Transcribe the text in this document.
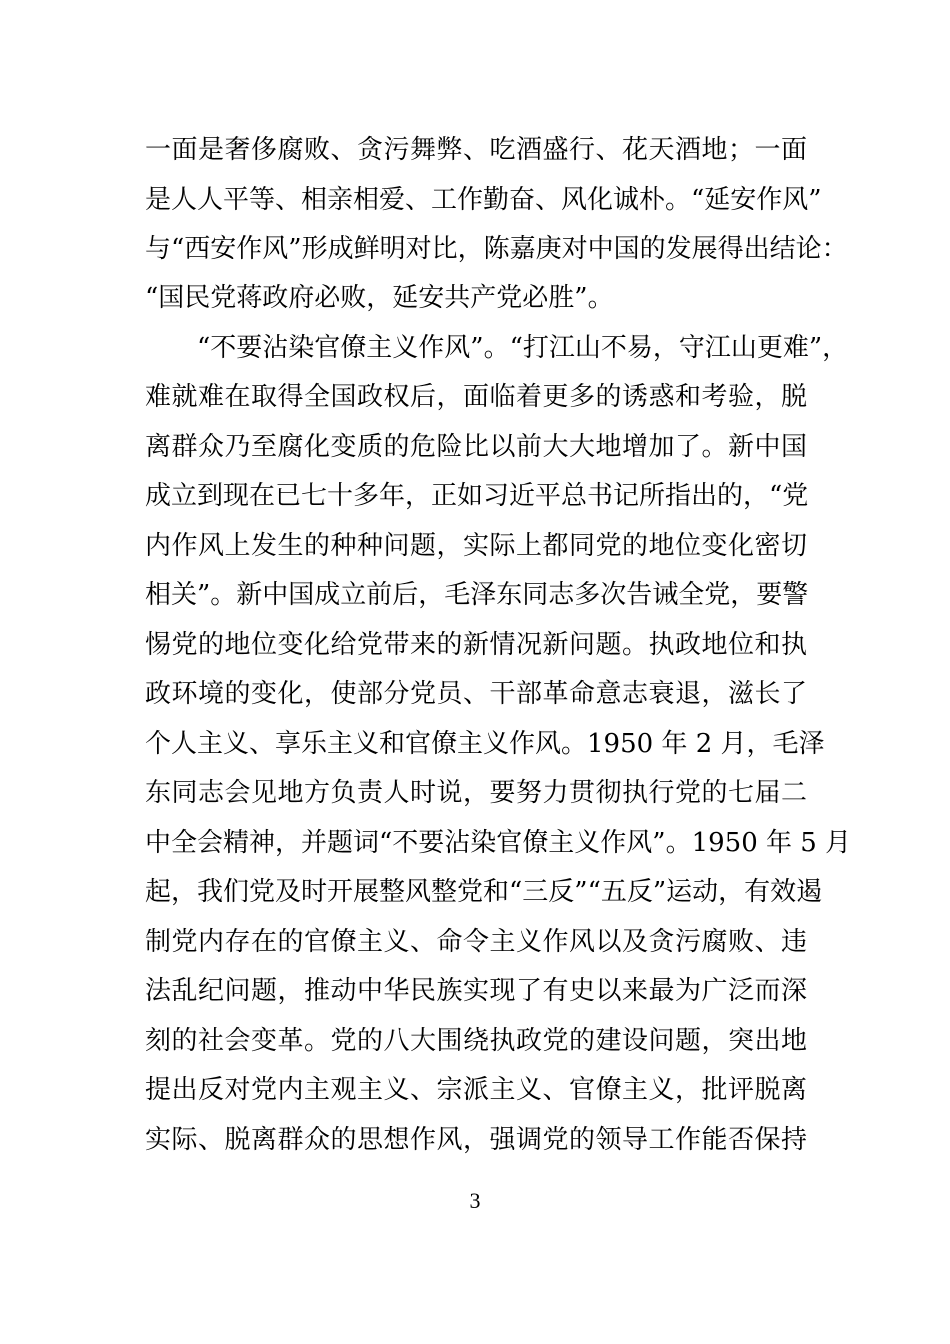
一面是奢侈腐败、贪污舞弊、吃酒盛行、花天酒地；一面
是人人平等、相亲相爱、工作勤奋、风化诚朴。“延安作风”
与“西安作风”形成鲜明对比，陈嘉庚对中国的发展得出结论：
“国民党蒋政府必败，延安共产党必胜”。
“不要沾染官僚主义作风”。“打江山不易，守江山更难”，
难就难在取得全国政权后，面临着更多的诱惑和考验，脱
离群众乃至腐化变质的危险比以前大大地增加了。新中国
成立到现在已七十多年，正如习近平总书记所指出的，“党
内作风上发生的种种问题，实际上都同党的地位变化密切
相关”。新中国成立前后，毛泽东同志多次告诫全党，要警
惕党的地位变化给党带来的新情况新问题。执政地位和执
政环境的变化，使部分党员、干部革命意志衰退，滋长了
个人主义、享乐主义和官僚主义作风。1950 年 2 月，毛泽
东同志会见地方负责人时说，要努力贯彻执行党的七届二
中全会精神，并题词“不要沾染官僚主义作风”。1950 年 5 月
起，我们党及时开展整风整党和“三反”“五反”运动，有效遏
制党内存在的官僚主义、命令主义作风以及贪污腐败、违
法乱纪问题，推动中华民族实现了有史以来最为广泛而深
刻的社会变革。党的八大围绕执政党的建设问题，突出地
提出反对党内主观主义、宗派主义、官僚主义，批评脱离
实际、脱离群众的思想作风，强调党的领导工作能否保持
3
